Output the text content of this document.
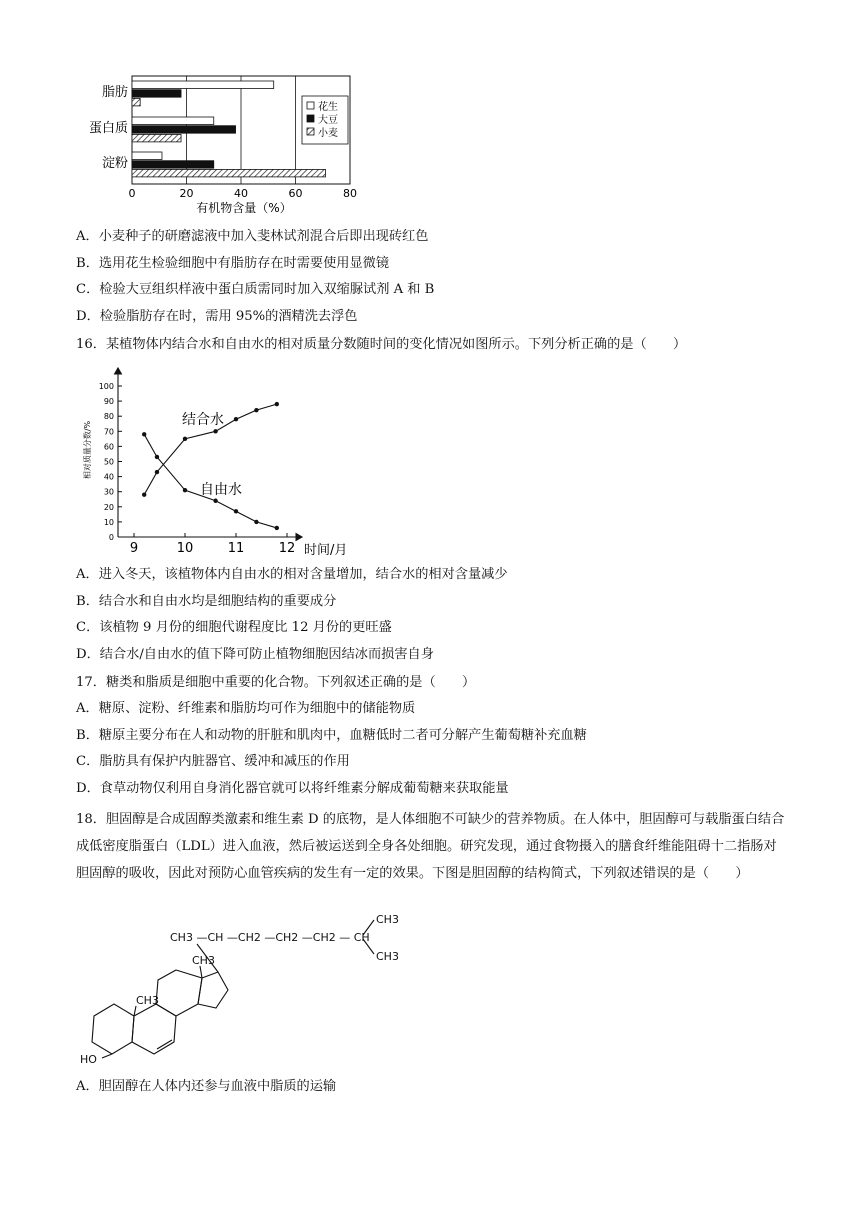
脂肪
蛋白质
淀粉
0	20	40	60	80
有机物含量（%）
花生
大豆
小麦
A．小麦种子的研磨滤液中加入斐林试剂混合后即出现砖红色
B．选用花生检验细胞中有脂肪存在时需要使用显微镜
C．检验大豆组织样液中蛋白质需同时加入双缩脲试剂 A 和 B
D．检验脂肪存在时，需用 95%的酒精洗去浮色
16．某植物体内结合水和自由水的相对质量分数随时间的变化情况如图所示。下列分析正确的是（　　）
相对质量分数/%
0
10
20
30
40
50
60
70
80
90
100
9	10	11	12 时间/月
结合水
自由水
A．进入冬天，该植物体内自由水的相对含量增加，结合水的相对含量减少
B．结合水和自由水均是细胞结构的重要成分
C．该植物 9 月份的细胞代谢程度比 12 月份的更旺盛
D．结合水/自由水的值下降可防止植物细胞因结冰而损害自身
17．糖类和脂质是细胞中重要的化合物。下列叙述正确的是（　　）
A．糖原、淀粉、纤维素和脂肪均可作为细胞中的储能物质
B．糖原主要分布在人和动物的肝脏和肌肉中，血糖低时二者可分解产生葡萄糖补充血糖
C．脂肪具有保护内脏器官、缓冲和减压的作用
D．食草动物仅利用自身消化器官就可以将纤维素分解成葡萄糖来获取能量
18．胆固醇是合成固醇类激素和维生素 D 的底物，是人体细胞不可缺少的营养物质。在人体中，胆固醇可与载脂蛋白结合成低密度脂蛋白（LDL）进入血液，然后被运送到全身各处细胞。研究发现，通过食物摄入的膳食纤维能阻碍十二指肠对胆固醇的吸收，因此对预防心血管疾病的发生有一定的效果。下图是胆固醇的结构简式，下列叙述错误的是（　　）
CH3 —CH —CH2 —CH2 —CH2 — CH
CH3
CH3
CH3
CH3
HO
A．胆固醇在人体内还参与血液中脂质的运输
